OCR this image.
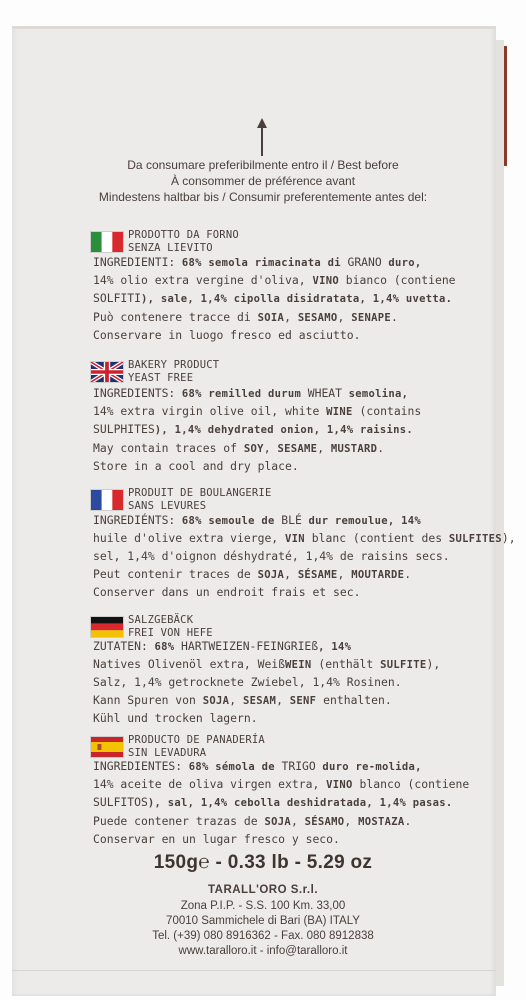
Da consumare preferibilmente entro il / Best before
À consommer de préférence avant
Mindestens haltbar bis / Consumir preferentemente antes del:
PRODOTTO DA FORNO
SENZA LIEVITO
INGREDIENTI: 68% semola rimacinata di GRANO duro,
14% olio extra vergine d'oliva, VINO bianco (contiene
SOLFITI), sale, 1,4% cipolla disidratata, 1,4% uvetta.
Può contenere tracce di SOIA, SESAMO, SENAPE.
Conservare in luogo fresco ed asciutto.
BAKERY PRODUCT
YEAST FREE
INGREDIENTS: 68% remilled durum WHEAT semolina,
14% extra virgin olive oil, white WINE (contains
SULPHITES), 1,4% dehydrated onion, 1,4% raisins.
May contain traces of SOY, SESAME, MUSTARD.
Store in a cool and dry place.
PRODUIT DE BOULANGERIE
SANS LEVURES
INGREDIÉNTS: 68% semoule de BLÉ dur remoulue, 14%
huile d'olive extra vierge, VIN blanc (contient des SULFITES),
sel, 1,4% d'oignon déshydraté, 1,4% de raisins secs.
Peut contenir traces de SOJA, SÉSAME, MOUTARDE.
Conserver dans un endroit frais et sec.
SALZGEBÄCK
FREI VON HEFE
ZUTATEN: 68% HARTWEIZEN-FEINGRIEß, 14%
Natives Olivenöl extra, WeißWEIN (enthält SULFITE),
Salz, 1,4% getrocknete Zwiebel, 1,4% Rosinen.
Kann Spuren von SOJA, SESAM, SENF enthalten.
Kühl und trocken lagern.
PRODUCTO DE PANADERÍA
SIN LEVADURA
INGREDIENTES: 68% sémola de TRIGO duro re-molida,
14% aceite de oliva virgen extra, VINO blanco (contiene
SULFITOS), sal, 1,4% cebolla deshidratada, 1,4% pasas.
Puede contener trazas de SOJA, SÉSAMO, MOSTAZA.
Conservar en un lugar fresco y seco.
150g℮ - 0.33 lb - 5.29 oz
TARALL'ORO S.r.l.
Zona P.I.P. - S.S. 100 Km. 33,00
70010 Sammichele di Bari (BA) ITALY
Tel. (+39) 080 8916362 - Fax. 080 8912838
www.taralloro.it - info@taralloro.it
